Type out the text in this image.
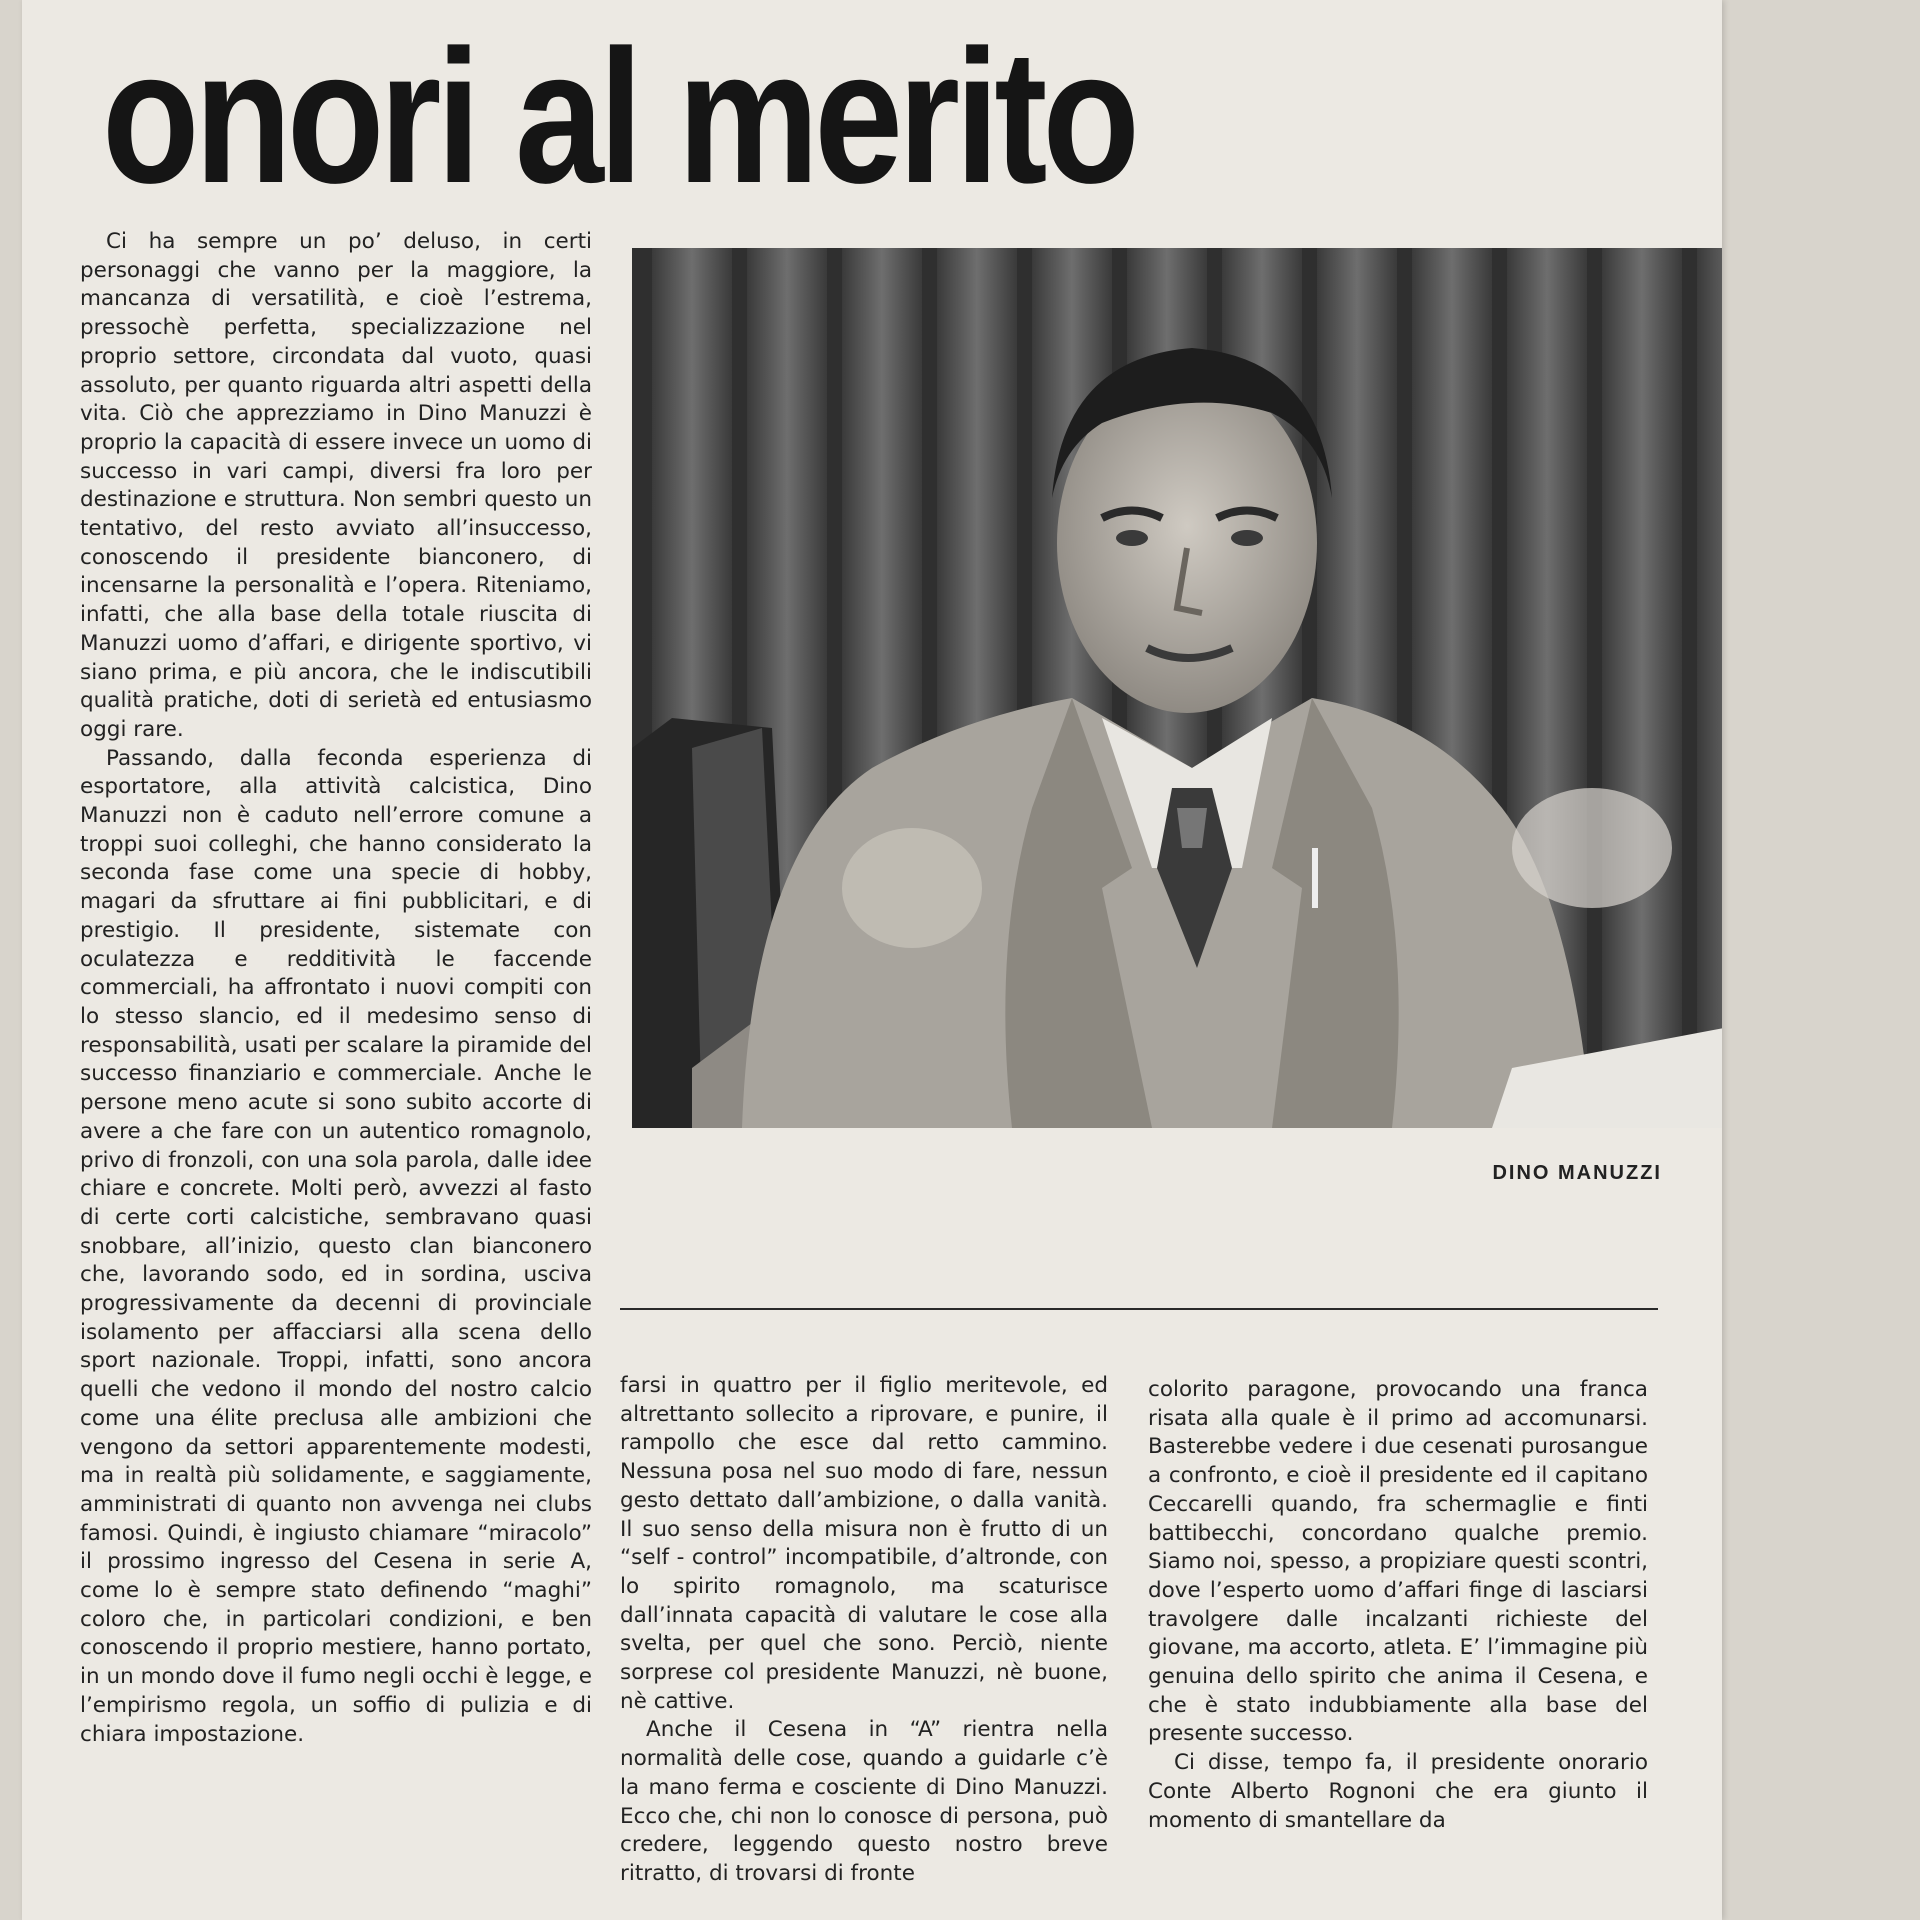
onori al merito

Ci ha sempre un po’ deluso, in certi personaggi che vanno per la maggiore, la mancanza di versatilità, e cioè l’estrema, pressochè perfetta, specializzazione nel proprio settore, circondata dal vuoto, quasi assoluto, per quanto riguarda altri aspetti della vita. Ciò che apprezziamo in Dino Manuzzi è proprio la capacità di essere invece un uomo di successo in vari campi, diversi fra loro per destinazione e struttura. Non sembri questo un tentativo, del resto avviato all’insuccesso, conoscendo il presidente bianconero, di incensarne la personalità e l’opera. Riteniamo, infatti, che alla base della totale riuscita di Manuzzi uomo d’affari, e dirigente sportivo, vi siano prima, e più ancora, che le indiscutibili qualità pratiche, doti di serietà ed entusiasmo oggi rare.

Passando, dalla feconda esperienza di esportatore, alla attività calcistica, Dino Manuzzi non è caduto nell’errore comune a troppi suoi colleghi, che hanno considerato la seconda fase come una specie di hobby, magari da sfruttare ai fini pubblicitari, e di prestigio. Il presidente, sistemate con oculatezza e redditività le faccende commerciali, ha affrontato i nuovi compiti con lo stesso slancio, ed il medesimo senso di responsabilità, usati per scalare la piramide del successo finanziario e commerciale. Anche le persone meno acute si sono subito accorte di avere a che fare con un autentico romagnolo, privo di fronzoli, con una sola parola, dalle idee chiare e concrete. Molti però, avvezzi al fasto di certe corti calcistiche, sembravano quasi snobbare, all’inizio, questo clan bianconero che, lavorando sodo, ed in sordina, usciva progressivamente da decenni di provinciale isolamento per affacciarsi alla scena dello sport nazionale. Troppi, infatti, sono ancora quelli che vedono il mondo del nostro calcio come una élite preclusa alle ambizioni che vengono da settori apparentemente modesti, ma in realtà più solidamente, e saggiamente, amministrati di quanto non avvenga nei clubs famosi. Quindi, è ingiusto chiamare “miracolo” il prossimo ingresso del Cesena in serie A, come lo è sempre stato definendo “maghi” coloro che, in particolari condizioni, e ben conoscendo il proprio mestiere, hanno portato, in un mondo dove il fumo negli occhi è legge, e l’empirismo regola, un soffio di pulizia e di chiara impostazione.

DINO MANUZZI

farsi in quattro per il figlio meritevole, ed altrettanto sollecito a riprovare, e punire, il rampollo che esce dal retto cammino. Nessuna posa nel suo modo di fare, nessun gesto dettato dall’ambizione, o dalla vanità. Il suo senso della misura non è frutto di un “self - control” incompatibile, d’altronde, con lo spirito romagnolo, ma scaturisce dall’innata capacità di valutare le cose alla svelta, per quel che sono. Perciò, niente sorprese col presidente Manuzzi, nè buone, nè cattive.

Anche il Cesena in “A” rientra nella normalità delle cose, quando a guidarle c’è la mano ferma e cosciente di Dino Manuzzi. Ecco che, chi non lo conosce di persona, può credere, leggendo questo nostro breve ritratto, di trovarsi di fronte

colorito paragone, provocando una franca risata alla quale è il primo ad accomunarsi. Basterebbe vedere i due cesenati purosangue a confronto, e cioè il presidente ed il capitano Ceccarelli quando, fra schermaglie e finti battibecchi, concordano qualche premio. Siamo noi, spesso, a propiziare questi scontri, dove l’esperto uomo d’affari finge di lasciarsi travolgere dalle incalzanti richieste del giovane, ma accorto, atleta. E’ l’immagine più genuina dello spirito che anima il Cesena, e che è stato indubbiamente alla base del presente successo.

Ci disse, tempo fa, il presidente onorario Conte Alberto Rognoni che era giunto il momento di smantellare da
